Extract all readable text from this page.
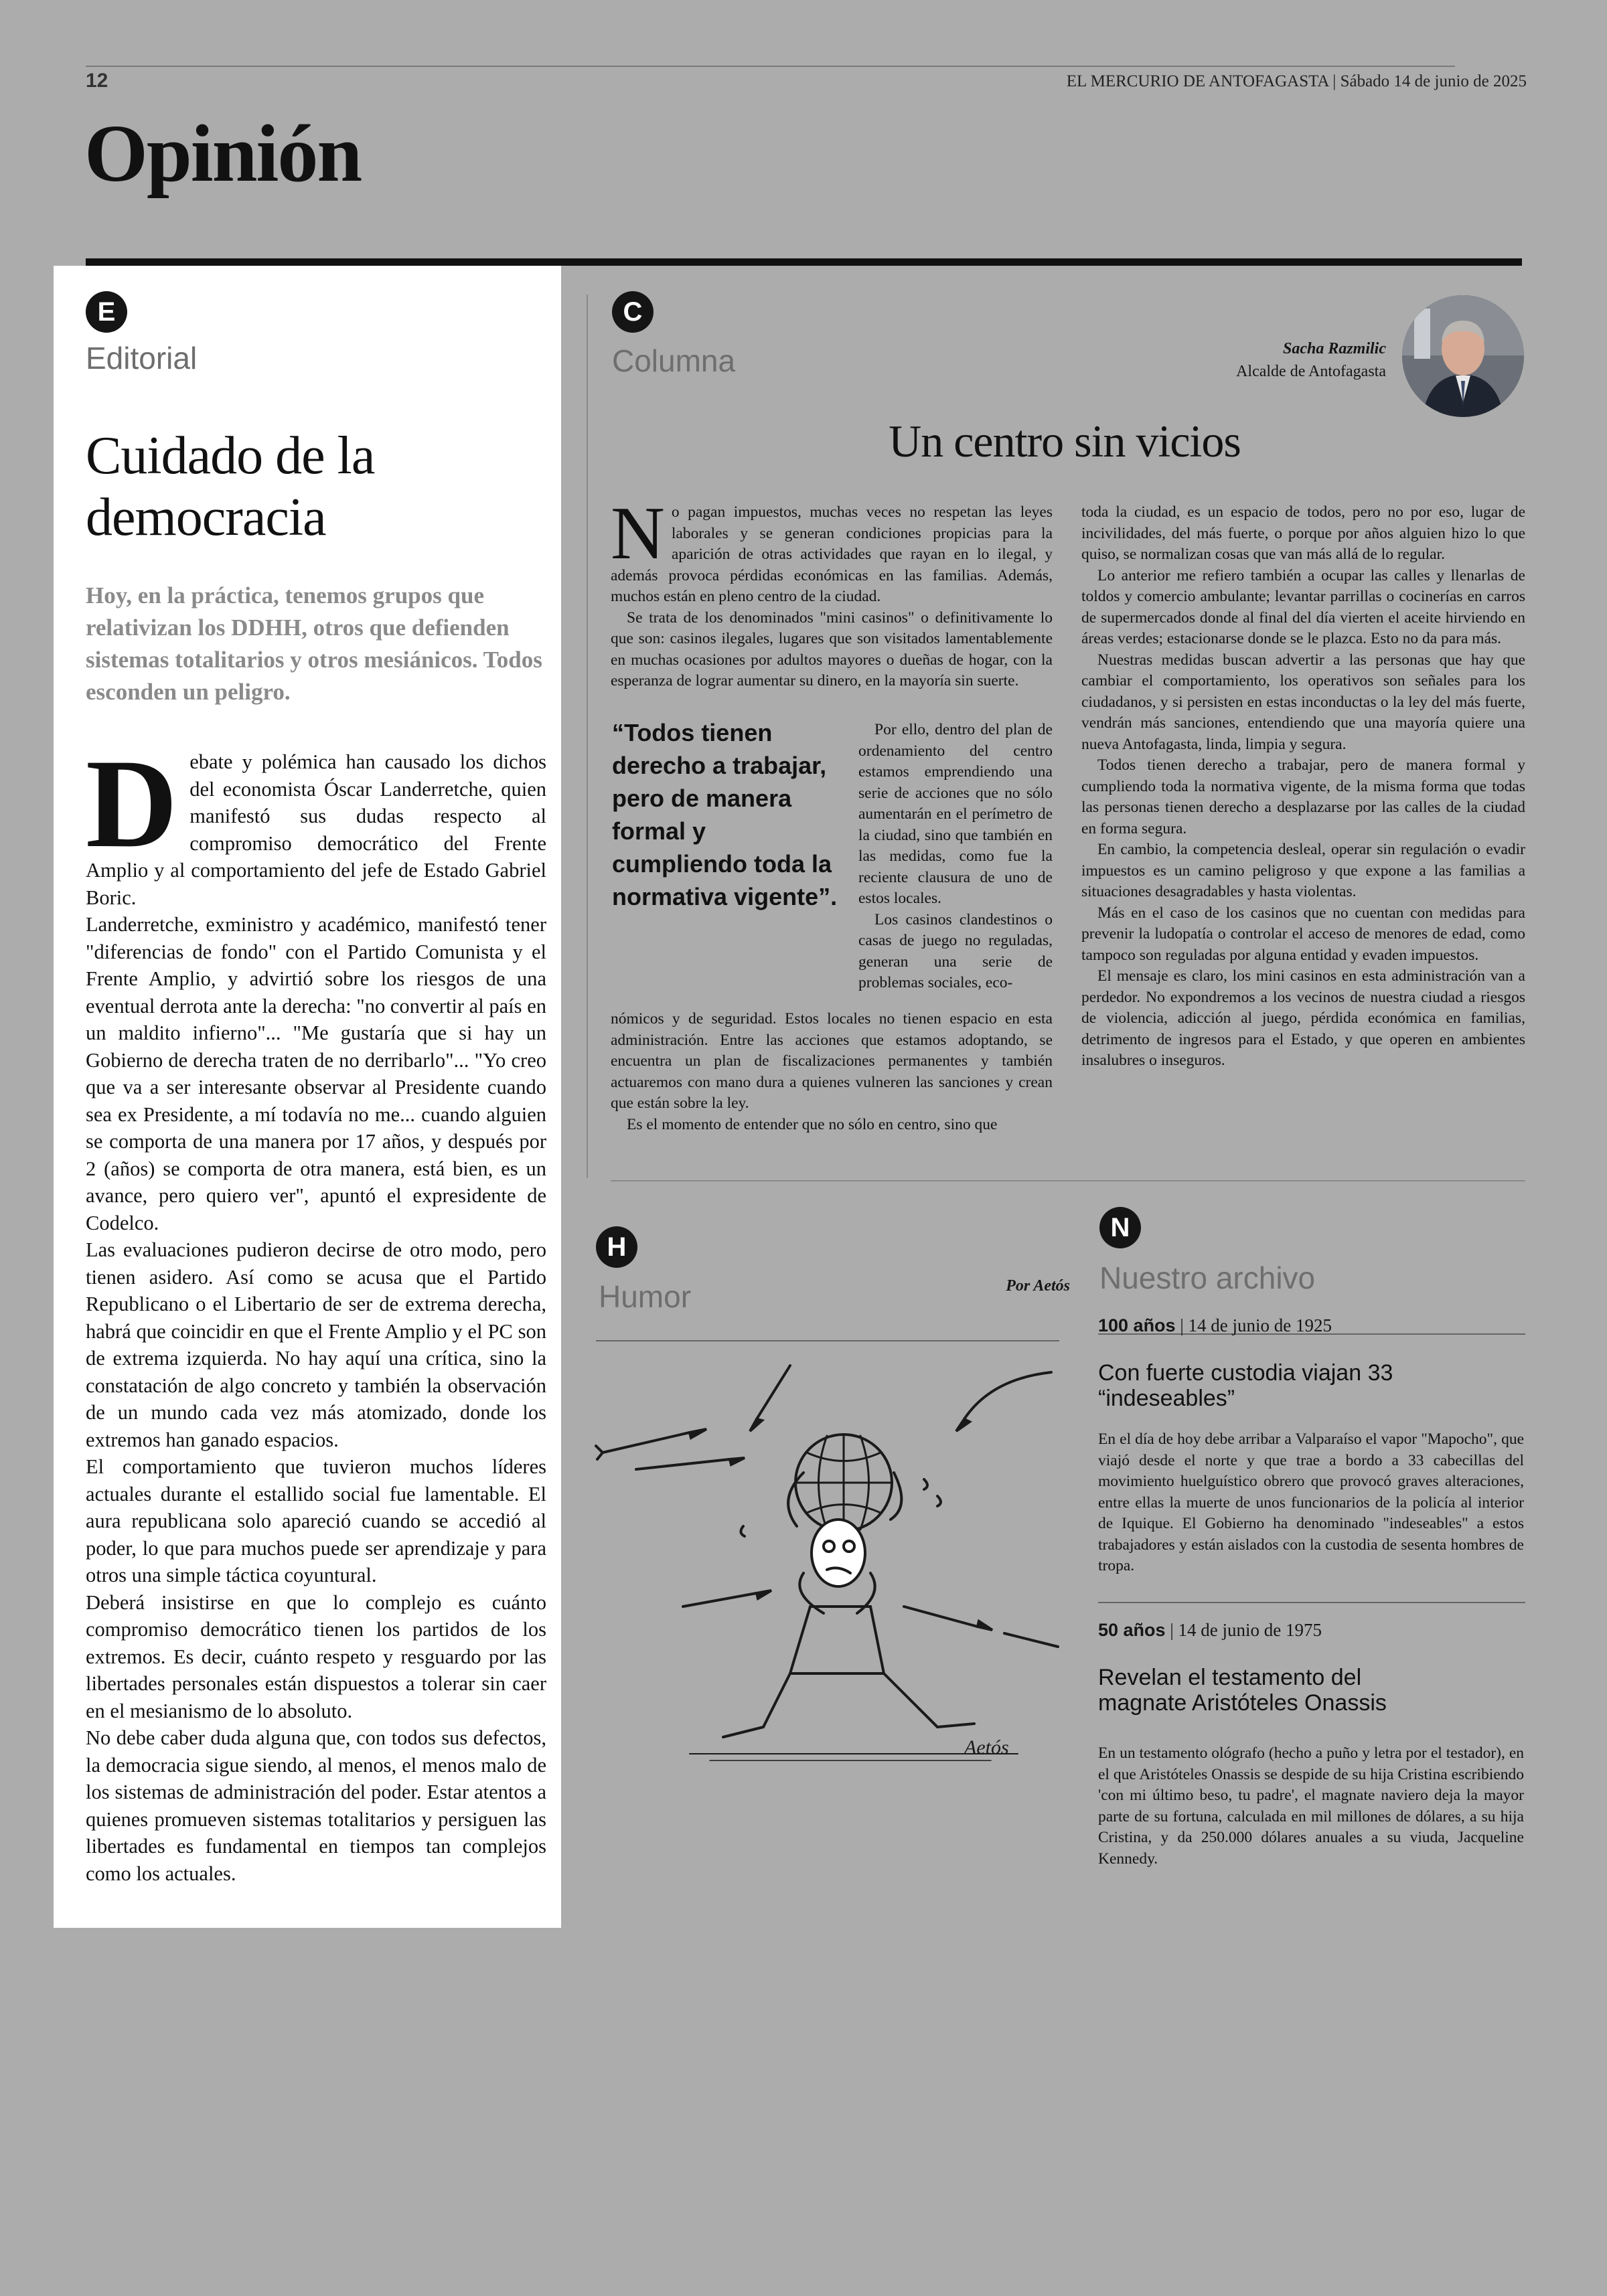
12	EL MERCURIO DE ANTOFAGASTA | Sábado 14 de junio de 2025
Opinión
E
Editorial
Cuidado de la democracia
Hoy, en la práctica, tenemos grupos que relativizan los DDHH, otros que defienden sistemas totalitarios y otros mesiánicos. Todos esconden un peligro.

Debate y polémica han causado los dichos del economista Óscar Landerretche, quien manifestó sus dudas respecto al compromiso democrático del Frente Amplio y al comportamiento del jefe de Estado Gabriel Boric.

Landerretche, exministro y académico, manifestó tener "diferencias de fondo" con el Partido Comunista y el Frente Amplio, y advirtió sobre los riesgos de una eventual derrota ante la derecha: "no convertir al país en un maldito infierno"... "Me gustaría que si hay un Gobierno de derecha traten de no derribarlo"... "Yo creo que va a ser interesante observar al Presidente cuando sea ex Presidente, a mí todavía no me... cuando alguien se comporta de una manera por 17 años, y después por 2 (años) se comporta de otra manera, está bien, es un avance, pero quiero ver", apuntó el expresidente de Codelco.

Las evaluaciones pudieron decirse de otro modo, pero tienen asidero. Así como se acusa que el Partido Republicano o el Libertario de ser de extrema derecha, habrá que coincidir en que el Frente Amplio y el PC son de extrema izquierda. No hay aquí una crítica, sino la constatación de algo concreto y también la observación de un mundo cada vez más atomizado, donde los extremos han ganado espacios.

El comportamiento que tuvieron muchos líderes actuales durante el estallido social fue lamentable. El aura republicana solo apareció cuando se accedió al poder, lo que para muchos puede ser aprendizaje y para otros una simple táctica coyuntural.

Deberá insistirse en que lo complejo es cuánto compromiso democrático tienen los partidos de los extremos. Es decir, cuánto respeto y resguardo por las libertades personales están dispuestos a tolerar sin caer en el mesianismo de lo absoluto.

No debe caber duda alguna que, con todos sus defectos, la democracia sigue siendo, al menos, el menos malo de los sistemas de administración del poder. Estar atentos a quienes promueven sistemas totalitarios y persiguen las libertades es fundamental en tiempos tan complejos como los actuales.

C
Columna	Sacha Razmilic
Alcalde de Antofagasta
Un centro sin vicios

No pagan impuestos, muchas veces no respetan las leyes laborales y se generan condiciones propicias para la aparición de otras actividades que rayan en lo ilegal, y además provoca pérdidas económicas en las familias. Además, muchos están en pleno centro de la ciudad.

Se trata de los denominados "mini casinos" o definitivamente lo que son: casinos ilegales, lugares que son visitados lamentablemente en muchas ocasiones por adultos mayores o dueñas de hogar, con la esperanza de lograr aumentar su dinero, en la mayoría sin suerte.

“Todos tienen derecho a trabajar, pero de manera formal y cumpliendo toda la normativa vigente”.

Por ello, dentro del plan de ordenamiento del centro estamos emprendiendo una serie de acciones que no sólo aumentarán en el perímetro de la ciudad, sino que también en las medidas, como fue la reciente clausura de uno de estos locales.

Los casinos clandestinos o casas de juego no reguladas, generan una serie de problemas sociales, eco-

nómicos y de seguridad. Estos locales no tienen espacio en esta administración. Entre las acciones que estamos adoptando, se encuentra un plan de fiscalizaciones permanentes y también actuaremos con mano dura a quienes vulneren las sanciones y crean que están sobre la ley.

Es el momento de entender que no sólo en centro, sino que

toda la ciudad, es un espacio de todos, pero no por eso, lugar de incivilidades, del más fuerte, o porque por años alguien hizo lo que quiso, se normalizan cosas que van más allá de lo regular.

Lo anterior me refiero también a ocupar las calles y llenarlas de toldos y comercio ambulante; levantar parrillas o cocinerías en carros de supermercados donde al final del día vierten el aceite hirviendo en áreas verdes; estacionarse donde se le plazca. Esto no da para más.

Nuestras medidas buscan advertir a las personas que hay que cambiar el comportamiento, los operativos son señales para los ciudadanos, y si persisten en estas inconductas o la ley del más fuerte, vendrán más sanciones, entendiendo que una mayoría quiere una nueva Antofagasta, linda, limpia y segura.

Todos tienen derecho a trabajar, pero de manera formal y cumpliendo toda la normativa vigente, de la misma forma que todas las personas tienen derecho a desplazarse por las calles de la ciudad en forma segura.

En cambio, la competencia desleal, operar sin regulación o evadir impuestos es un camino peligroso y que expone a las familias a situaciones desagradables y hasta violentas.

Más en el caso de los casinos que no cuentan con medidas para prevenir la ludopatía o controlar el acceso de menores de edad, como tampoco son reguladas por alguna entidad y evaden impuestos.

El mensaje es claro, los mini casinos en esta administración van a perdedor. No expondremos a los vecinos de nuestra ciudad a riesgos de violencia, adicción al juego, pérdida económica en familias, detrimento de ingresos para el Estado, y que operen en ambientes insalubres o inseguros.

H
Humor	Por Aetós
Aetós
N
Nuestro archivo
100 años | 14 de junio de 1925
Con fuerte custodia viajan 33 “indeseables”
En el día de hoy debe arribar a Valparaíso el vapor "Mapocho", que viajó desde el norte y que trae a bordo a 33 cabecillas del movimiento huelguístico obrero que provocó graves alteraciones, entre ellas la muerte de unos funcionarios de la policía al interior de Iquique. El Gobierno ha denominado "indeseables" a estos trabajadores y están aislados con la custodia de sesenta hombres de tropa.
50 años | 14 de junio de 1975
Revelan el testamento del magnate Aristóteles Onassis
En un testamento ológrafo (hecho a puño y letra por el testador), en el que Aristóteles Onassis se despide de su hija Cristina escribiendo 'con mi último beso, tu padre', el magnate naviero deja la mayor parte de su fortuna, calculada en mil millones de dólares, a su hija Cristina, y da 250.000 dólares anuales a su viuda, Jacqueline Kennedy.
